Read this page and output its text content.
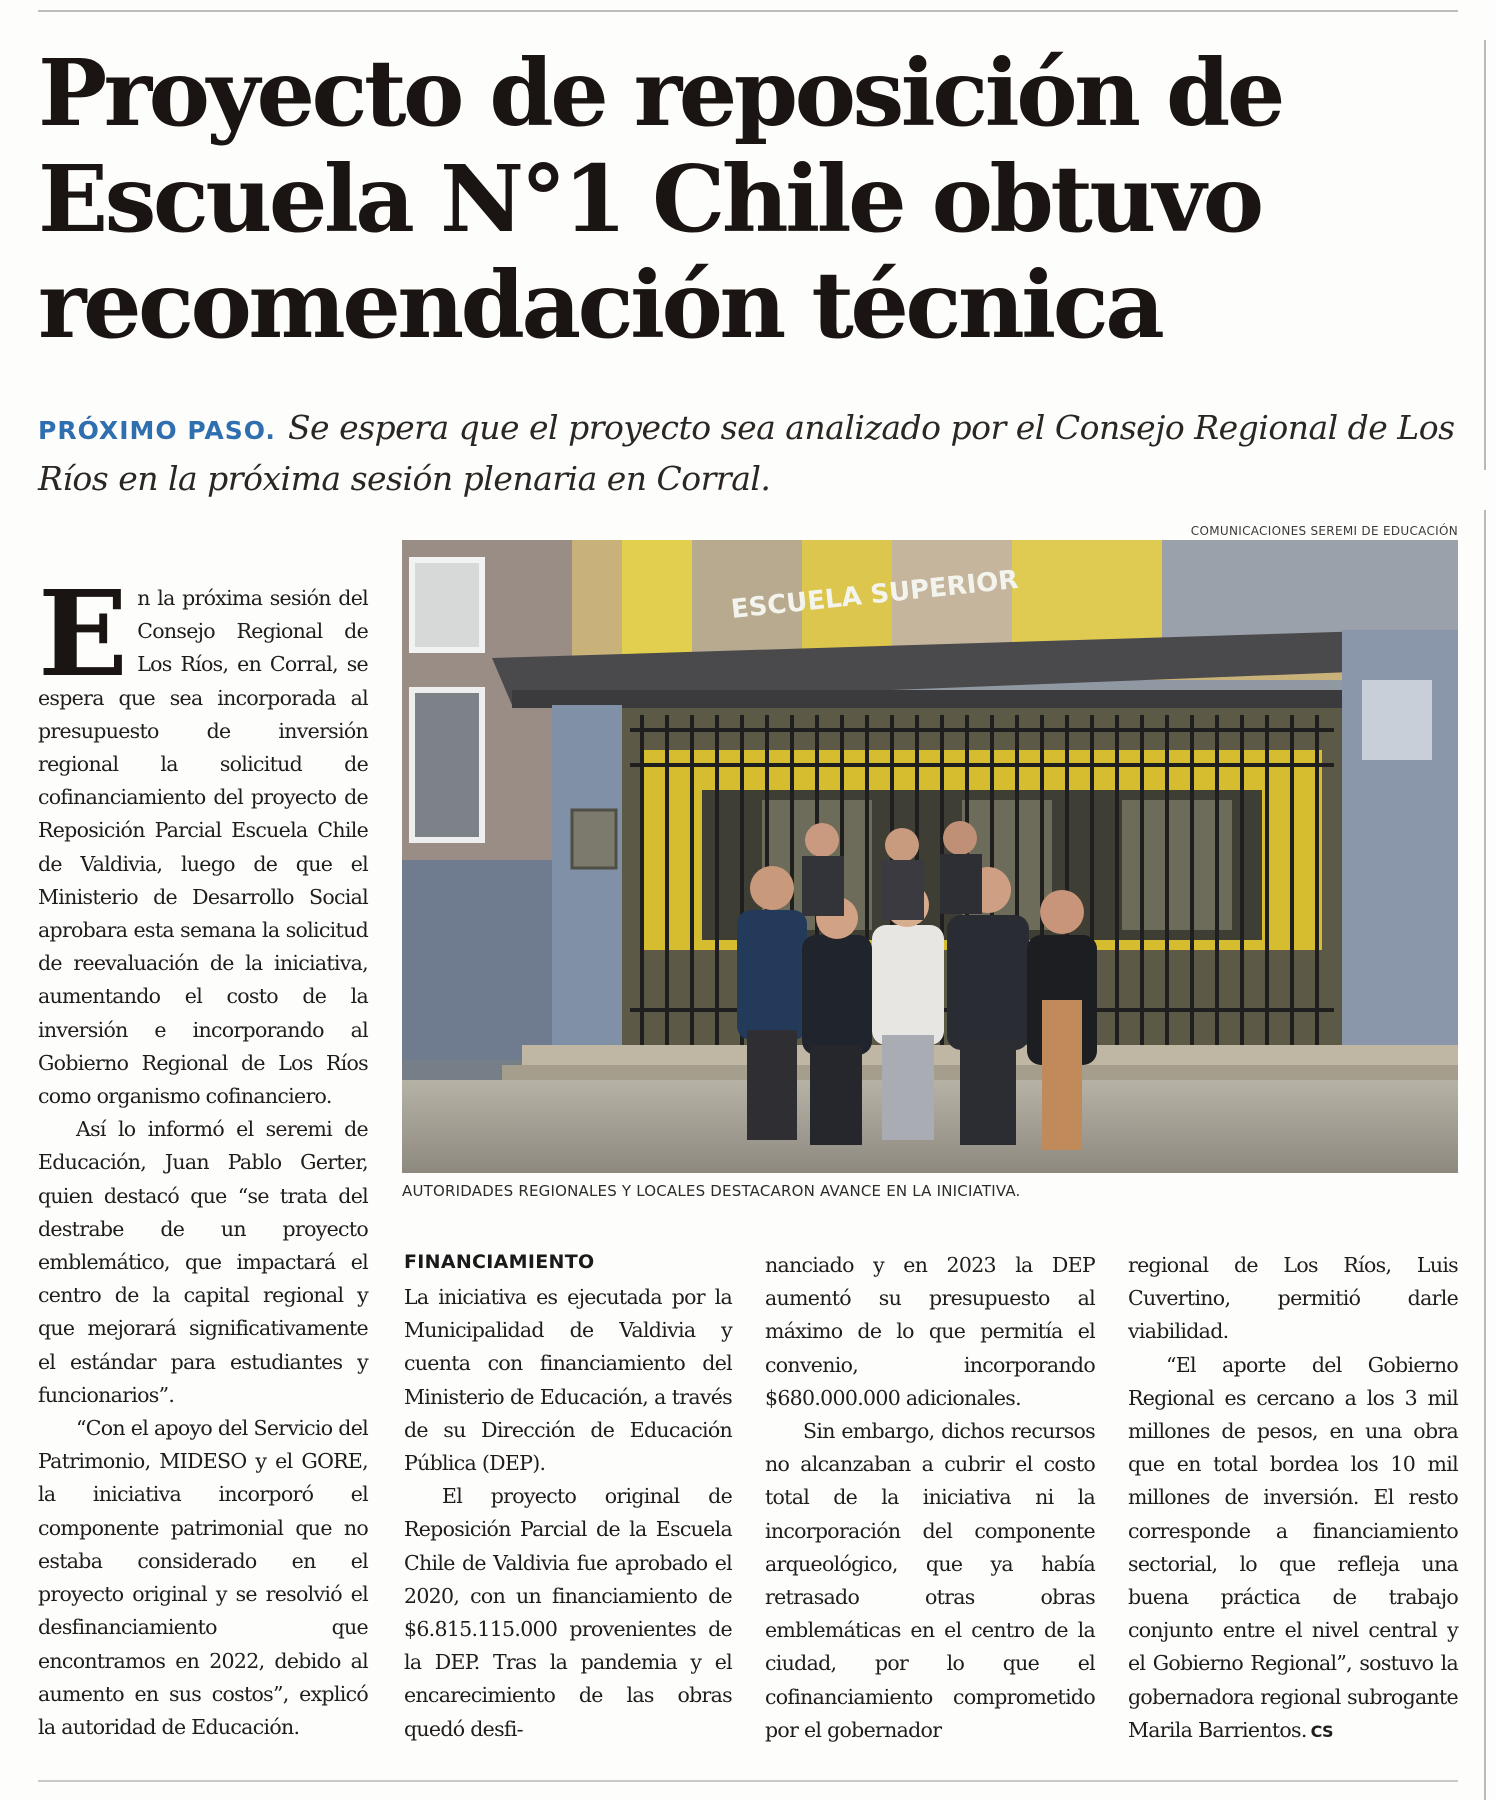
Proyecto de reposición de Escuela N°1 Chile obtuvo recomendación técnica

PRÓXIMO PASO. Se espera que el proyecto sea analizado por el Consejo Regional de Los Ríos en la próxima sesión plenaria en Corral.

COMUNICACIONES SEREMI DE EDUCACIÓN
ESCUELA SUPERIOR
AUTORIDADES REGIONALES Y LOCALES DESTACARON AVANCE EN LA INICIATIVA.
E n la próxima sesión del Consejo Regional de Los Ríos, en Corral, se espera que sea incorporada al presupuesto de inversión regional la solicitud de cofinanciamiento del proyecto de Reposición Parcial Escuela Chile de Valdivia, luego de que el Ministerio de Desarrollo Social aprobara esta semana la solicitud de reevaluación de la iniciativa, aumentando el costo de la inversión e incorporando al Gobierno Regional de Los Ríos como organismo cofinanciero.

Así lo informó el seremi de Educación, Juan Pablo Gerter, quien destacó que “se trata del destrabe de un proyecto emblemático, que impactará el centro de la capital regional y que mejorará significativamente el estándar para estudiantes y funcionarios”.

“Con el apoyo del Servicio del Patrimonio, MIDESO y el GORE, la iniciativa incorporó el componente patrimonial que no estaba considerado en el proyecto original y se resolvió el desfinanciamiento que encontramos en 2022, debido al aumento en sus costos”, explicó la autoridad de Educación.

FINANCIAMIENTO

La iniciativa es ejecutada por la Municipalidad de Valdivia y cuenta con financiamiento del Ministerio de Educación, a través de su Dirección de Educación Pública (DEP).

El proyecto original de Reposición Parcial de la Escuela Chile de Valdivia fue aprobado el 2020, con un financiamiento de $6.815.115.000 provenientes de la DEP. Tras la pandemia y el encarecimiento de las obras quedó desfi-

nanciado y en 2023 la DEP aumentó su presupuesto al máximo de lo que permitía el convenio, incorporando $680.000.000 adicionales.

Sin embargo, dichos recursos no alcanzaban a cubrir el costo total de la iniciativa ni la incorporación del componente arqueológico, que ya había retrasado otras obras emblemáticas en el centro de la ciudad, por lo que el cofinanciamiento comprometido por el gobernador

regional de Los Ríos, Luis Cuvertino, permitió darle viabilidad.

“El aporte del Gobierno Regional es cercano a los 3 mil millones de pesos, en una obra que en total bordea los 10 mil millones de inversión. El resto corresponde a financiamiento sectorial, lo que refleja una buena práctica de trabajo conjunto entre el nivel central y el Gobierno Regional”, sostuvo la gobernadora regional subrogante Marila Barrientos. CS
